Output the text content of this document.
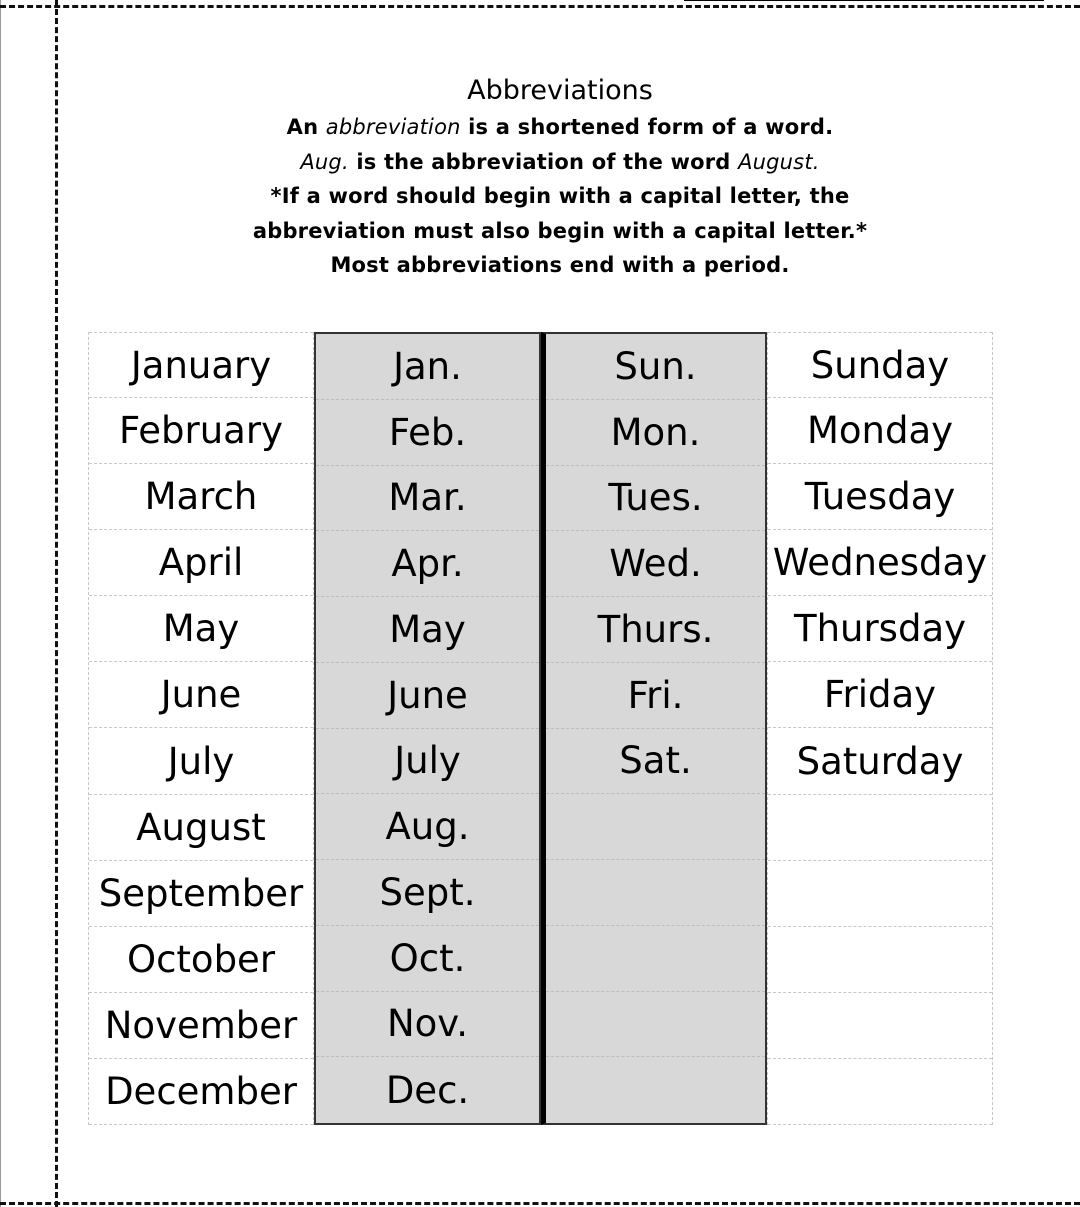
Abbreviations
An abbreviation is a shortened form of a word.
Aug. is the abbreviation of the word August.
*If a word should begin with a capital letter, the
abbreviation must also begin with a capital letter.*
Most abbreviations end with a period.
January
February
March
April
May
June
July
August
September
October
November
December
Jan.
Feb.
Mar.
Apr.
May
June
July
Aug.
Sept.
Oct.
Nov.
Dec.
Sun.
Mon.
Tues.
Wed.
Thurs.
Fri.
Sat.
Sunday
Monday
Tuesday
Wednesday
Thursday
Friday
Saturday
